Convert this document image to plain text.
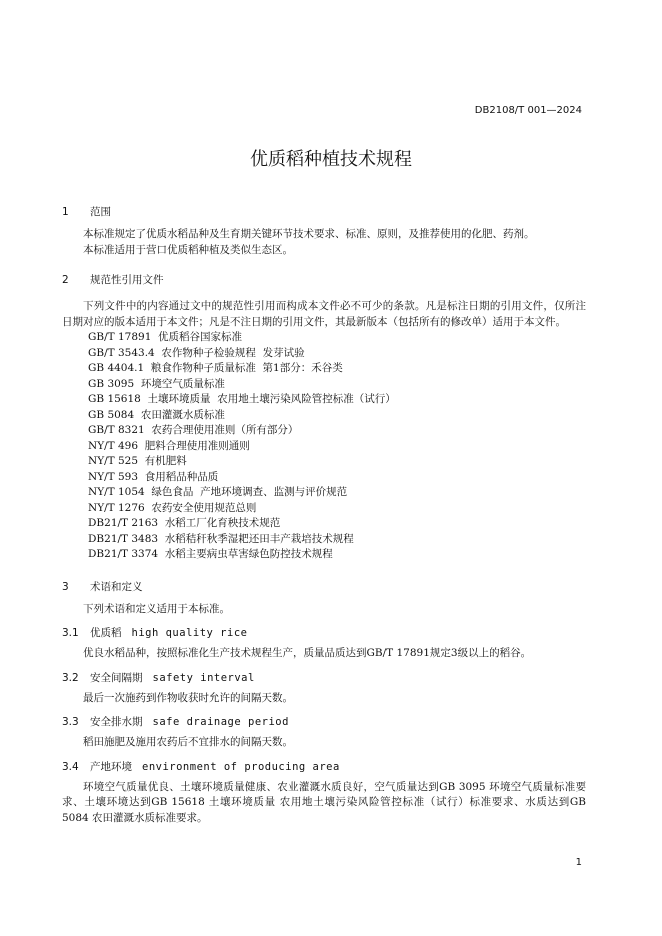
DB2108/T 001—2024
优质稻种植技术规程
1 范围

本标准规定了优质水稻品种及生育期关键环节技术要求、标准、原则，及推荐使用的化肥、药剂。

本标准适用于营口优质稻种植及类似生态区。

2 规范性引用文件

下列文件中的内容通过文中的规范性引用而构成本文件必不可少的条款。凡是标注日期的引用文件，仅所注日期对应的版本适用于本文件；凡是不注日期的引用文件，其最新版本（包括所有的修改单）适用于本文件。

GB/T 17891  优质稻谷国家标准

GB/T 3543.4  农作物种子检验规程  发芽试验

GB 4404.1  粮食作物种子质量标准  第1部分：禾谷类

GB 3095  环境空气质量标准

GB 15618  土壤环境质量  农用地土壤污染风险管控标准（试行）

GB 5084  农田灌溉水质标准

GB/T 8321  农药合理使用准则（所有部分）

NY/T 496  肥料合理使用准则通则

NY/T 525  有机肥料

NY/T 593  食用稻品种品质

NY/T 1054  绿色食品  产地环境调查、监测与评价规范

NY/T 1276  农药安全使用规范总则

DB21/T 2163  水稻工厂化育秧技术规范

DB21/T 3483  水稻秸秆秋季湿耙还田丰产栽培技术规程

DB21/T 3374  水稻主要病虫草害绿色防控技术规程

3 术语和定义

下列术语和定义适用于本标准。

3.1 优质稻 high quality rice

优良水稻品种，按照标准化生产技术规程生产，质量品质达到GB/T 17891规定3级以上的稻谷。

3.2 安全间隔期 safety interval

最后一次施药到作物收获时允许的间隔天数。

3.3 安全排水期 safe drainage period

稻田施肥及施用农药后不宜排水的间隔天数。

3.4 产地环境 environment of producing area

环境空气质量优良、土壤环境质量健康、农业灌溉水质良好，空气质量达到GB 3095 环境空气质量标准要求、土壤环境达到GB 15618 土壤环境质量 农用地土壤污染风险管控标准（试行）标准要求、水质达到GB 5084 农田灌溉水质标准要求。

1
